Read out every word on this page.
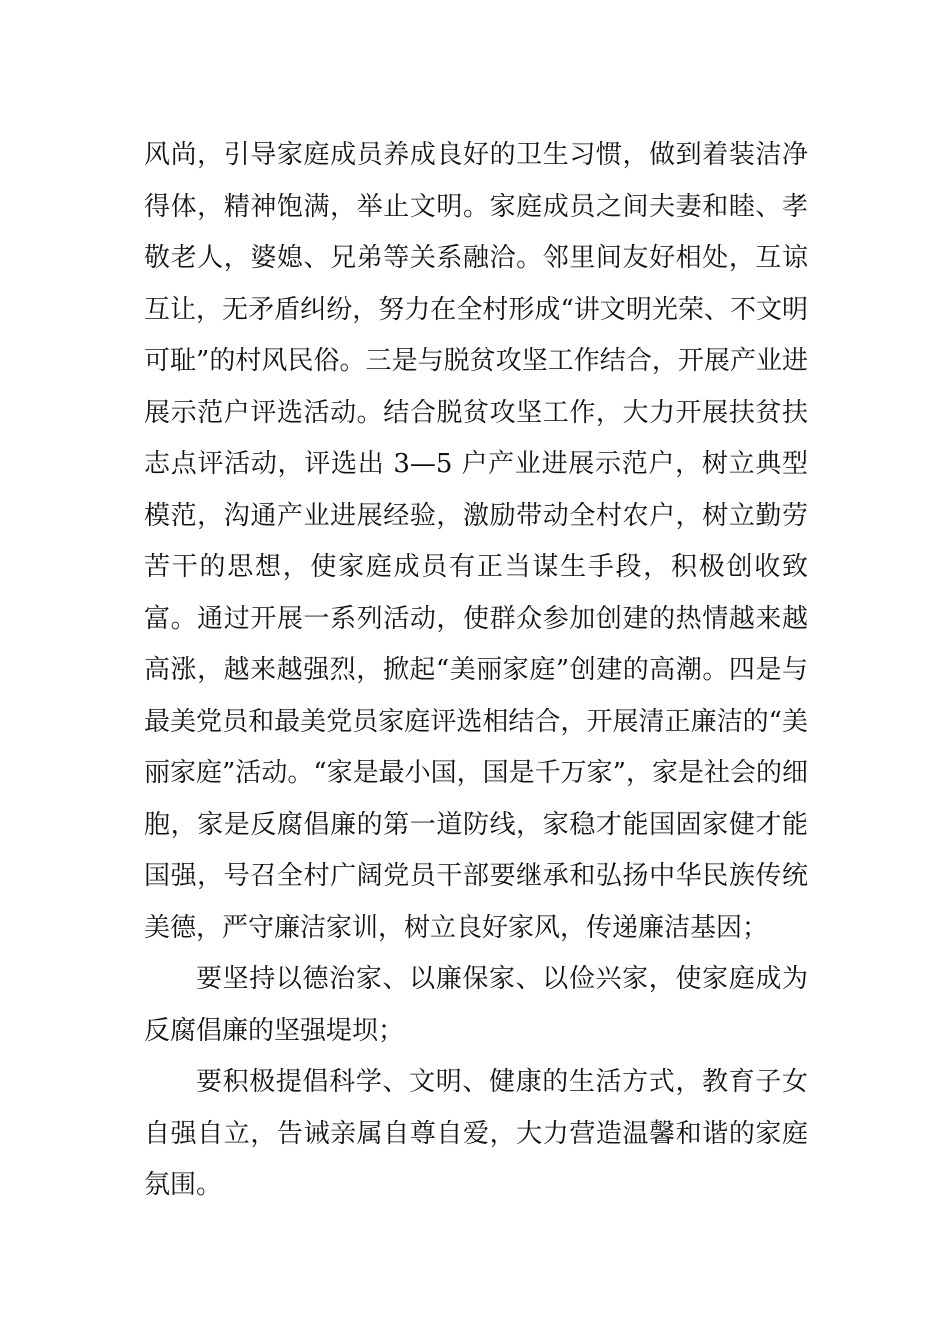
风尚，引导家庭成员养成良好的卫生习惯，做到着装洁净得体，精神饱满，举止文明。家庭成员之间夫妻和睦、孝敬老人，婆媳、兄弟等关系融洽。邻里间友好相处，互谅互让，无矛盾纠纷，努力在全村形成“讲文明光荣、不文明可耻”的村风民俗。三是与脱贫攻坚工作结合，开展产业进展示范户评选活动。结合脱贫攻坚工作，大力开展扶贫扶志点评活动，评选出 3—5 户产业进展示范户，树立典型模范，沟通产业进展经验，激励带动全村农户，树立勤劳苦干的思想，使家庭成员有正当谋生手段，积极创收致富。通过开展一系列活动，使群众参加创建的热情越来越高涨，越来越强烈，掀起“美丽家庭”创建的高潮。四是与最美党员和最美党员家庭评选相结合，开展清正廉洁的“美丽家庭”活动。“家是最小国，国是千万家”，家是社会的细胞，家是反腐倡廉的第一道防线，家稳才能国固家健才能国强，号召全村广阔党员干部要继承和弘扬中华民族传统美德，严守廉洁家训，树立良好家风，传递廉洁基因；

要坚持以德治家、以廉保家、以俭兴家，使家庭成为反腐倡廉的坚强堤坝；

要积极提倡科学、文明、健康的生活方式，教育子女自强自立，告诫亲属自尊自爱，大力营造温馨和谐的家庭氛围。
